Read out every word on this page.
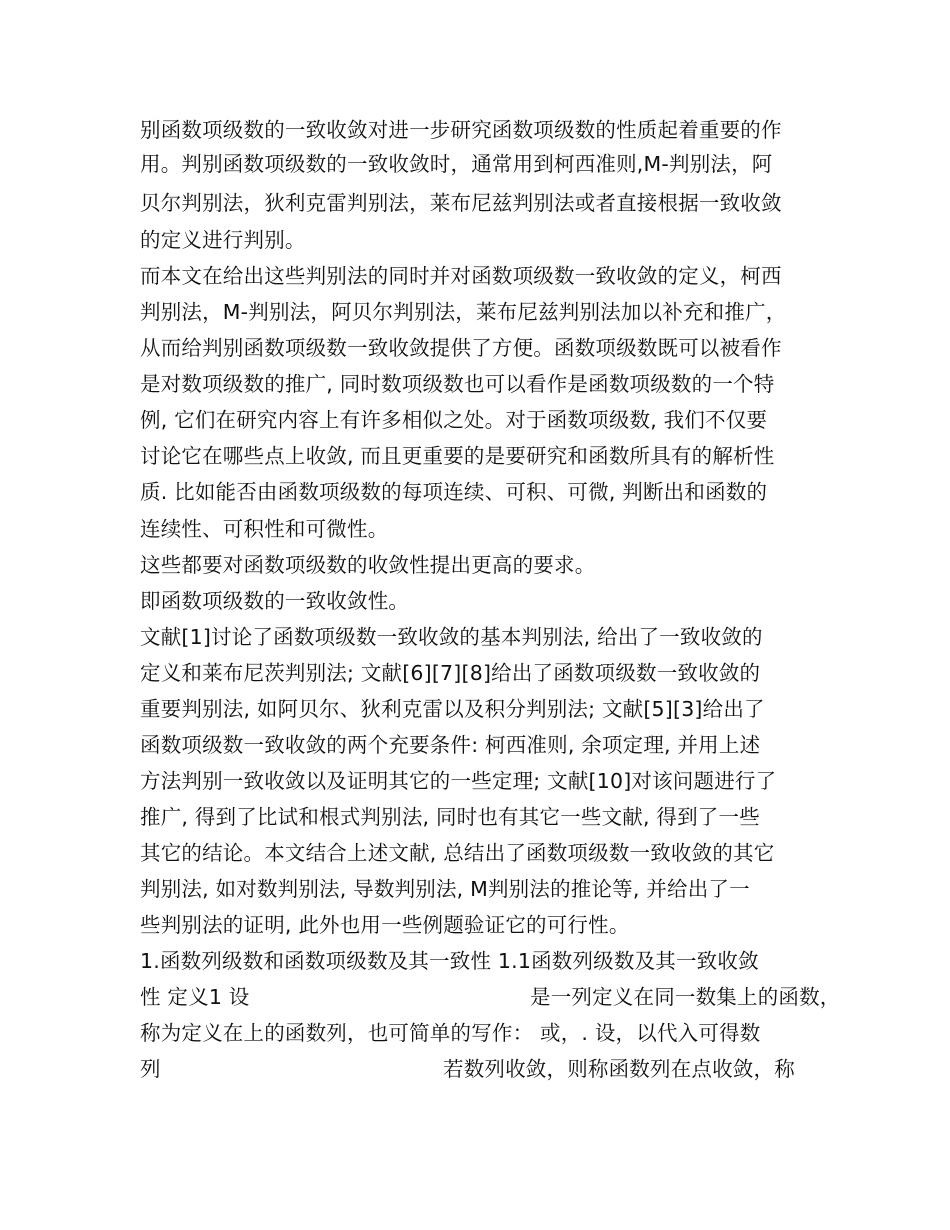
别函数项级数的一致收敛对进一步研究函数项级数的性质起着重要的作
用。判别函数项级数的一致收敛时，通常用到柯西准则,M-判别法，阿
贝尔判别法，狄利克雷判别法，莱布尼兹判别法或者直接根据一致收敛
的定义进行判别。
而本文在给出这些判别法的同时并对函数项级数一致收敛的定义，柯西
判别法，M-判别法，阿贝尔判别法，莱布尼兹判别法加以补充和推广，
从而给判别函数项级数一致收敛提供了方便。函数项级数既可以被看作
是对数项级数的推广, 同时数项级数也可以看作是函数项级数的一个特
例, 它们在研究内容上有许多相似之处。对于函数项级数, 我们不仅要
讨论它在哪些点上收敛, 而且更重要的是要研究和函数所具有的解析性
质. 比如能否由函数项级数的每项连续、可积、可微, 判断出和函数的
连续性、可积性和可微性。
这些都要对函数项级数的收敛性提出更高的要求。
即函数项级数的一致收敛性。
文献[1]讨论了函数项级数一致收敛的基本判别法, 给出了一致收敛的
定义和莱布尼茨判别法; 文献[6][7][8]给出了函数项级数一致收敛的
重要判别法, 如阿贝尔、狄利克雷以及积分判别法; 文献[5][3]给出了
函数项级数一致收敛的两个充要条件: 柯西准则, 余项定理, 并用上述
方法判别一致收敛以及证明其它的一些定理; 文献[10]对该问题进行了
推广, 得到了比试和根式判别法, 同时也有其它一些文献, 得到了一些
其它的结论。本文结合上述文献, 总结出了函数项级数一致收敛的其它
判别法, 如对数判别法, 导数判别法, M判别法的推论等, 并给出了一
些判别法的证明, 此外也用一些例题验证它的可行性。
1.函数列级数和函数项级数及其一致性 1.1函数列级数及其一致收敛
性 定义1 设	是一列定义在同一数集上的函数，
称为定义在上的函数列，也可简单的写作： 或，. 设，以代入可得数
列	若数列收敛，则称函数列在点收敛，称
